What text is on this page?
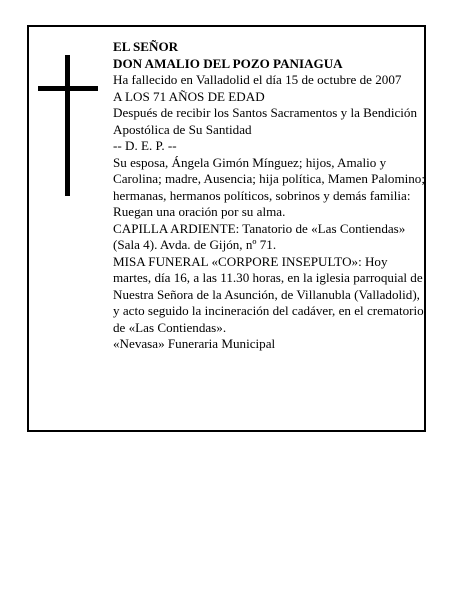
EL SEÑOR

DON AMALIO DEL POZO PANIAGUA

Ha fallecido en Valladolid el día 15 de octubre de 2007

A LOS 71 AÑOS DE EDAD

Después de recibir los Santos Sacramentos y la Bendición Apostólica de Su Santidad

-- D. E. P. --

Su esposa, Ángela Gimón Mínguez; hijos, Amalio y Carolina; madre, Ausencia; hija política, Mamen Palomino; hermanas, hermanos políticos, sobrinos y demás familia:

Ruegan una oración por su alma.

CAPILLA ARDIENTE: Tanatorio de «Las Contiendas» (Sala 4). Avda. de Gijón, nº 71.

MISA FUNERAL «CORPORE INSEPULTO»: Hoy martes, día 16, a las 11.30 horas, en la iglesia parroquial de Nuestra Señora de la Asunción, de Villanubla (Valladolid), y acto seguido la incineración del cadáver, en el crematorio de «Las Contiendas».

«Nevasa» Funeraria Municipal
